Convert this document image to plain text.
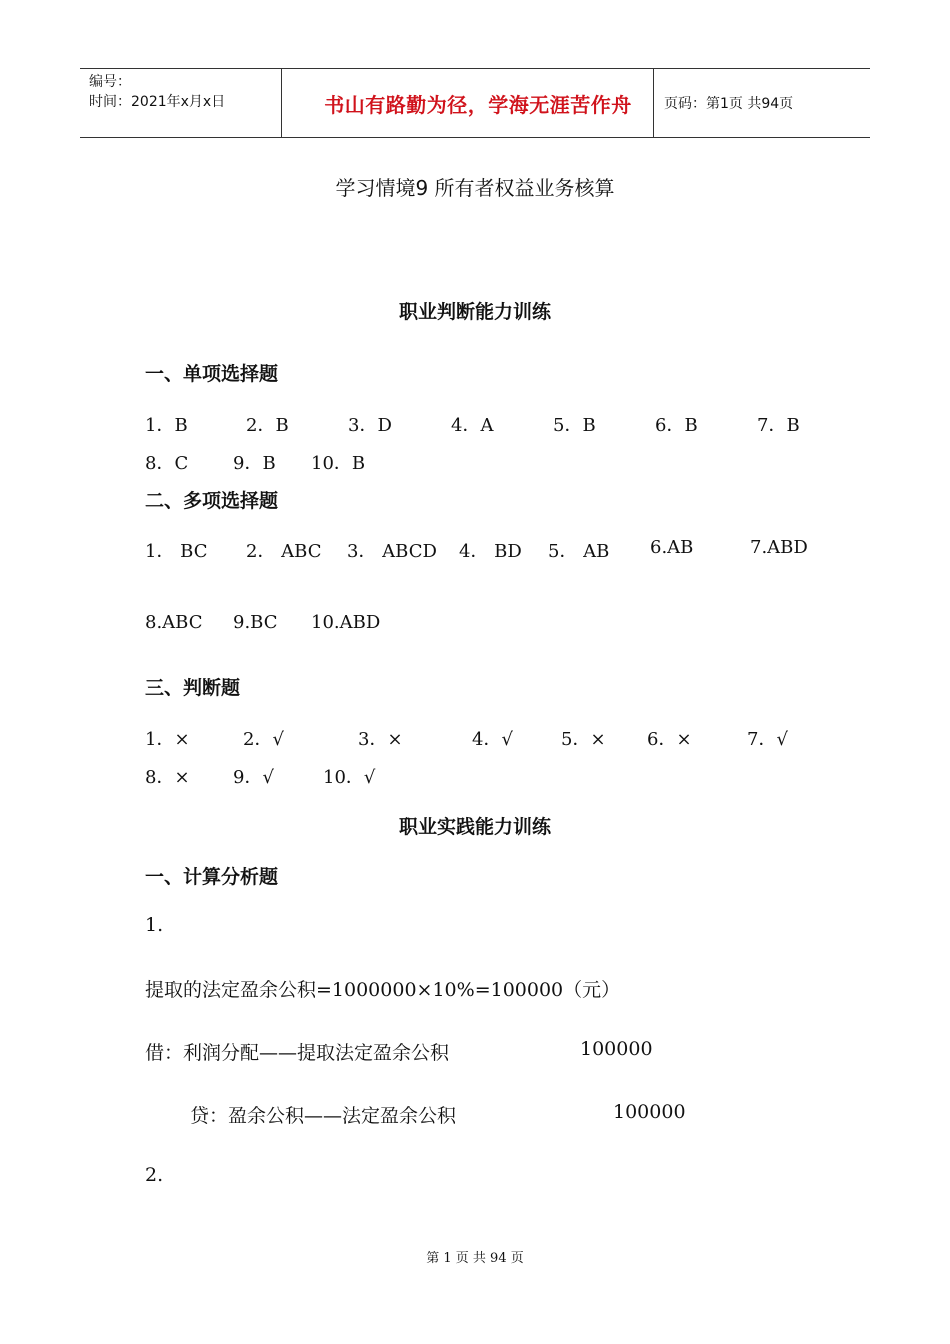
编号：
时间：2021年x月x日	书山有路勤为径，学海无涯苦作舟	页码：第1页 共94页
学习情境9 所有者权益业务核算
职业判断能力训练
一、单项选择题
1．B	2．B	3．D	4．A	5．B	6．B	7．B
8．C 9．B 10．B
二、多项选择题
1． BC 2． ABC 3． ABCD 4． BD 5． AB 6.AB	7.ABD
8.ABC 9.BC 10.ABD
三、判断题
1．×	2．√	3．×	4．√	5．× 6．×	7．√
8．× 9．√	10．√
职业实践能力训练
一、计算分析题
1.
提取的法定盈余公积=1000000×10%=100000（元）
借：利润分配——提取法定盈余公积	100000
贷：盈余公积——法定盈余公积	100000
2.
第 1 页 共 94 页
